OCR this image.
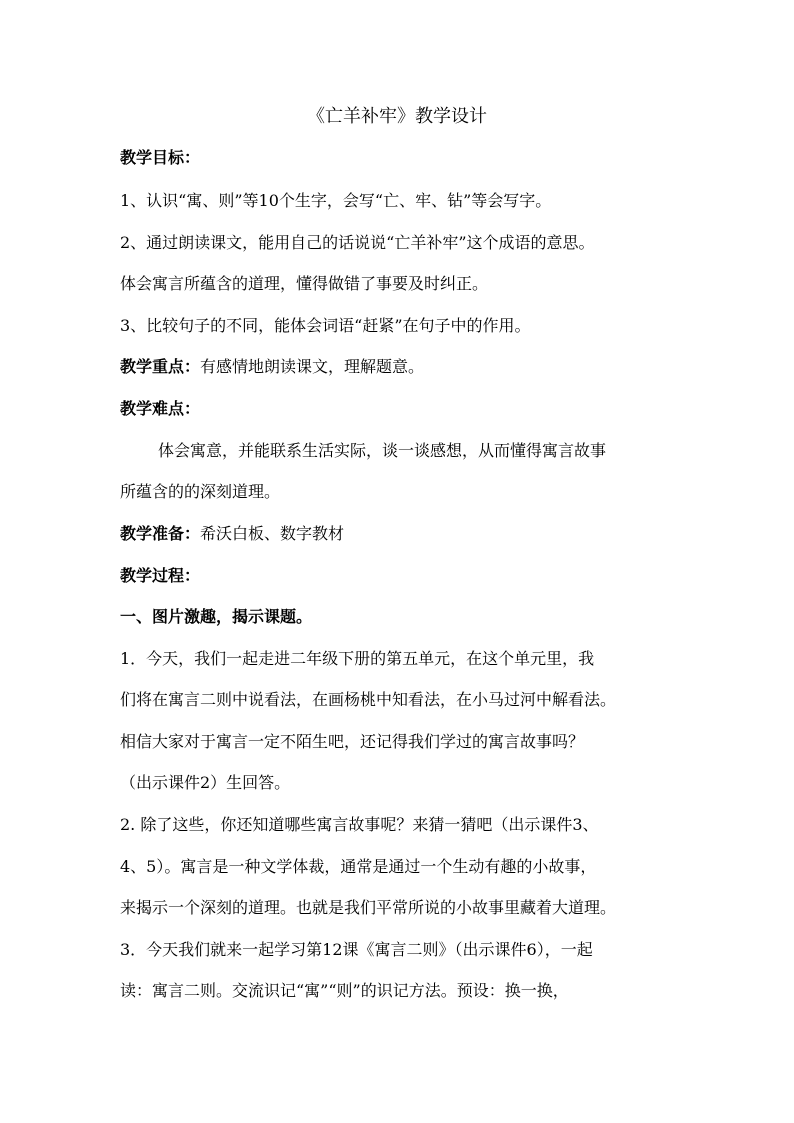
《亡羊补牢》教学设计
教学目标：
1、认识“寓、则”等10个生字，会写“亡、牢、钻”等会写字。
2、通过朗读课文，能用自己的话说说“亡羊补牢”这个成语的意思。
体会寓言所蕴含的道理，懂得做错了事要及时纠正。
3、比较句子的不同，能体会词语“赶紧”在句子中的作用。
教学重点：有感情地朗读课文，理解题意。
教学难点：
体会寓意，并能联系生活实际，谈一谈感想，从而懂得寓言故事
所蕴含的的深刻道理。
教学准备：希沃白板、数字教材
教学过程：
一、图片激趣，揭示课题。
1．今天，我们一起走进二年级下册的第五单元，在这个单元里，我
们将在寓言二则中说看法，在画杨桃中知看法，在小马过河中解看法。
相信大家对于寓言一定不陌生吧，还记得我们学过的寓言故事吗？
（出示课件2）生回答。
2. 除了这些，你还知道哪些寓言故事呢？来猜一猜吧（出示课件3、
4、5）。寓言是一种文学体裁，通常是通过一个生动有趣的小故事，
来揭示一个深刻的道理。也就是我们平常所说的小故事里藏着大道理。
3．今天我们就来一起学习第12课《寓言二则》（出示课件6），一起
读：寓言二则。交流识记“寓”“则”的识记方法。预设：换一换，
